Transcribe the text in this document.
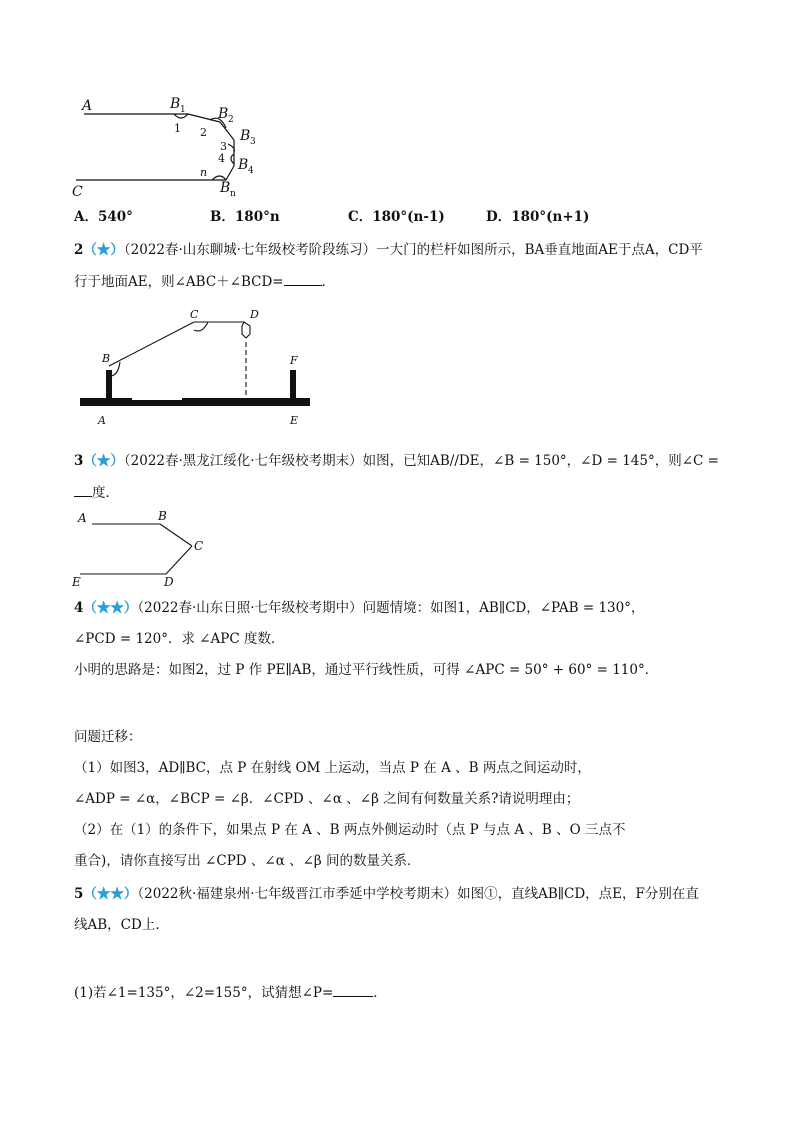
A	B 1 B 2
B 3
B 4
C	B n
1 2
3
4
n
A．540°	B．180°n	C．180°(n-1)	D．180°(n+1)
2（★）（2022春·山东聊城·七年级校考阶段练习）一大门的栏杆如图所示，BA垂直地面AE于点A，CD平
行于地面AE，则∠ABC＋∠BCD=	．
B
C	D
F
A	E
3（★）（2022春·黑龙江绥化·七年级校考期末）如图，已知AB//DE，∠B = 150°，∠D = 145°，则∠C =
度．
A	B
C
E	D
4（★★）（2022春·山东日照·七年级校考期中）问题情境：如图1，AB∥CD，∠PAB = 130°，
∠PCD = 120°．求 ∠APC 度数．
小明的思路是：如图2，过 P 作 PE∥AB，通过平行线性质，可得 ∠APC = 50° + 60° = 110°．
问题迁移：
（1）如图3，AD∥BC，点 P 在射线 OM 上运动，当点 P 在 A 、B 两点之间运动时，
∠ADP = ∠α，∠BCP = ∠β．∠CPD 、∠α 、∠β 之间有何数量关系?请说明理由；
（2）在（1）的条件下，如果点 P 在 A 、B 两点外侧运动时（点 P 与点 A 、B 、O 三点不
重合)，请你直接写出 ∠CPD 、∠α 、∠β 间的数量关系．
5（★★）（2022秋·福建泉州·七年级晋江市季延中学校考期末）如图①，直线AB∥CD，点E，F分别在直
线AB，CD上．
(1)若∠1=135°，∠2=155°，试猜想∠P=	．
